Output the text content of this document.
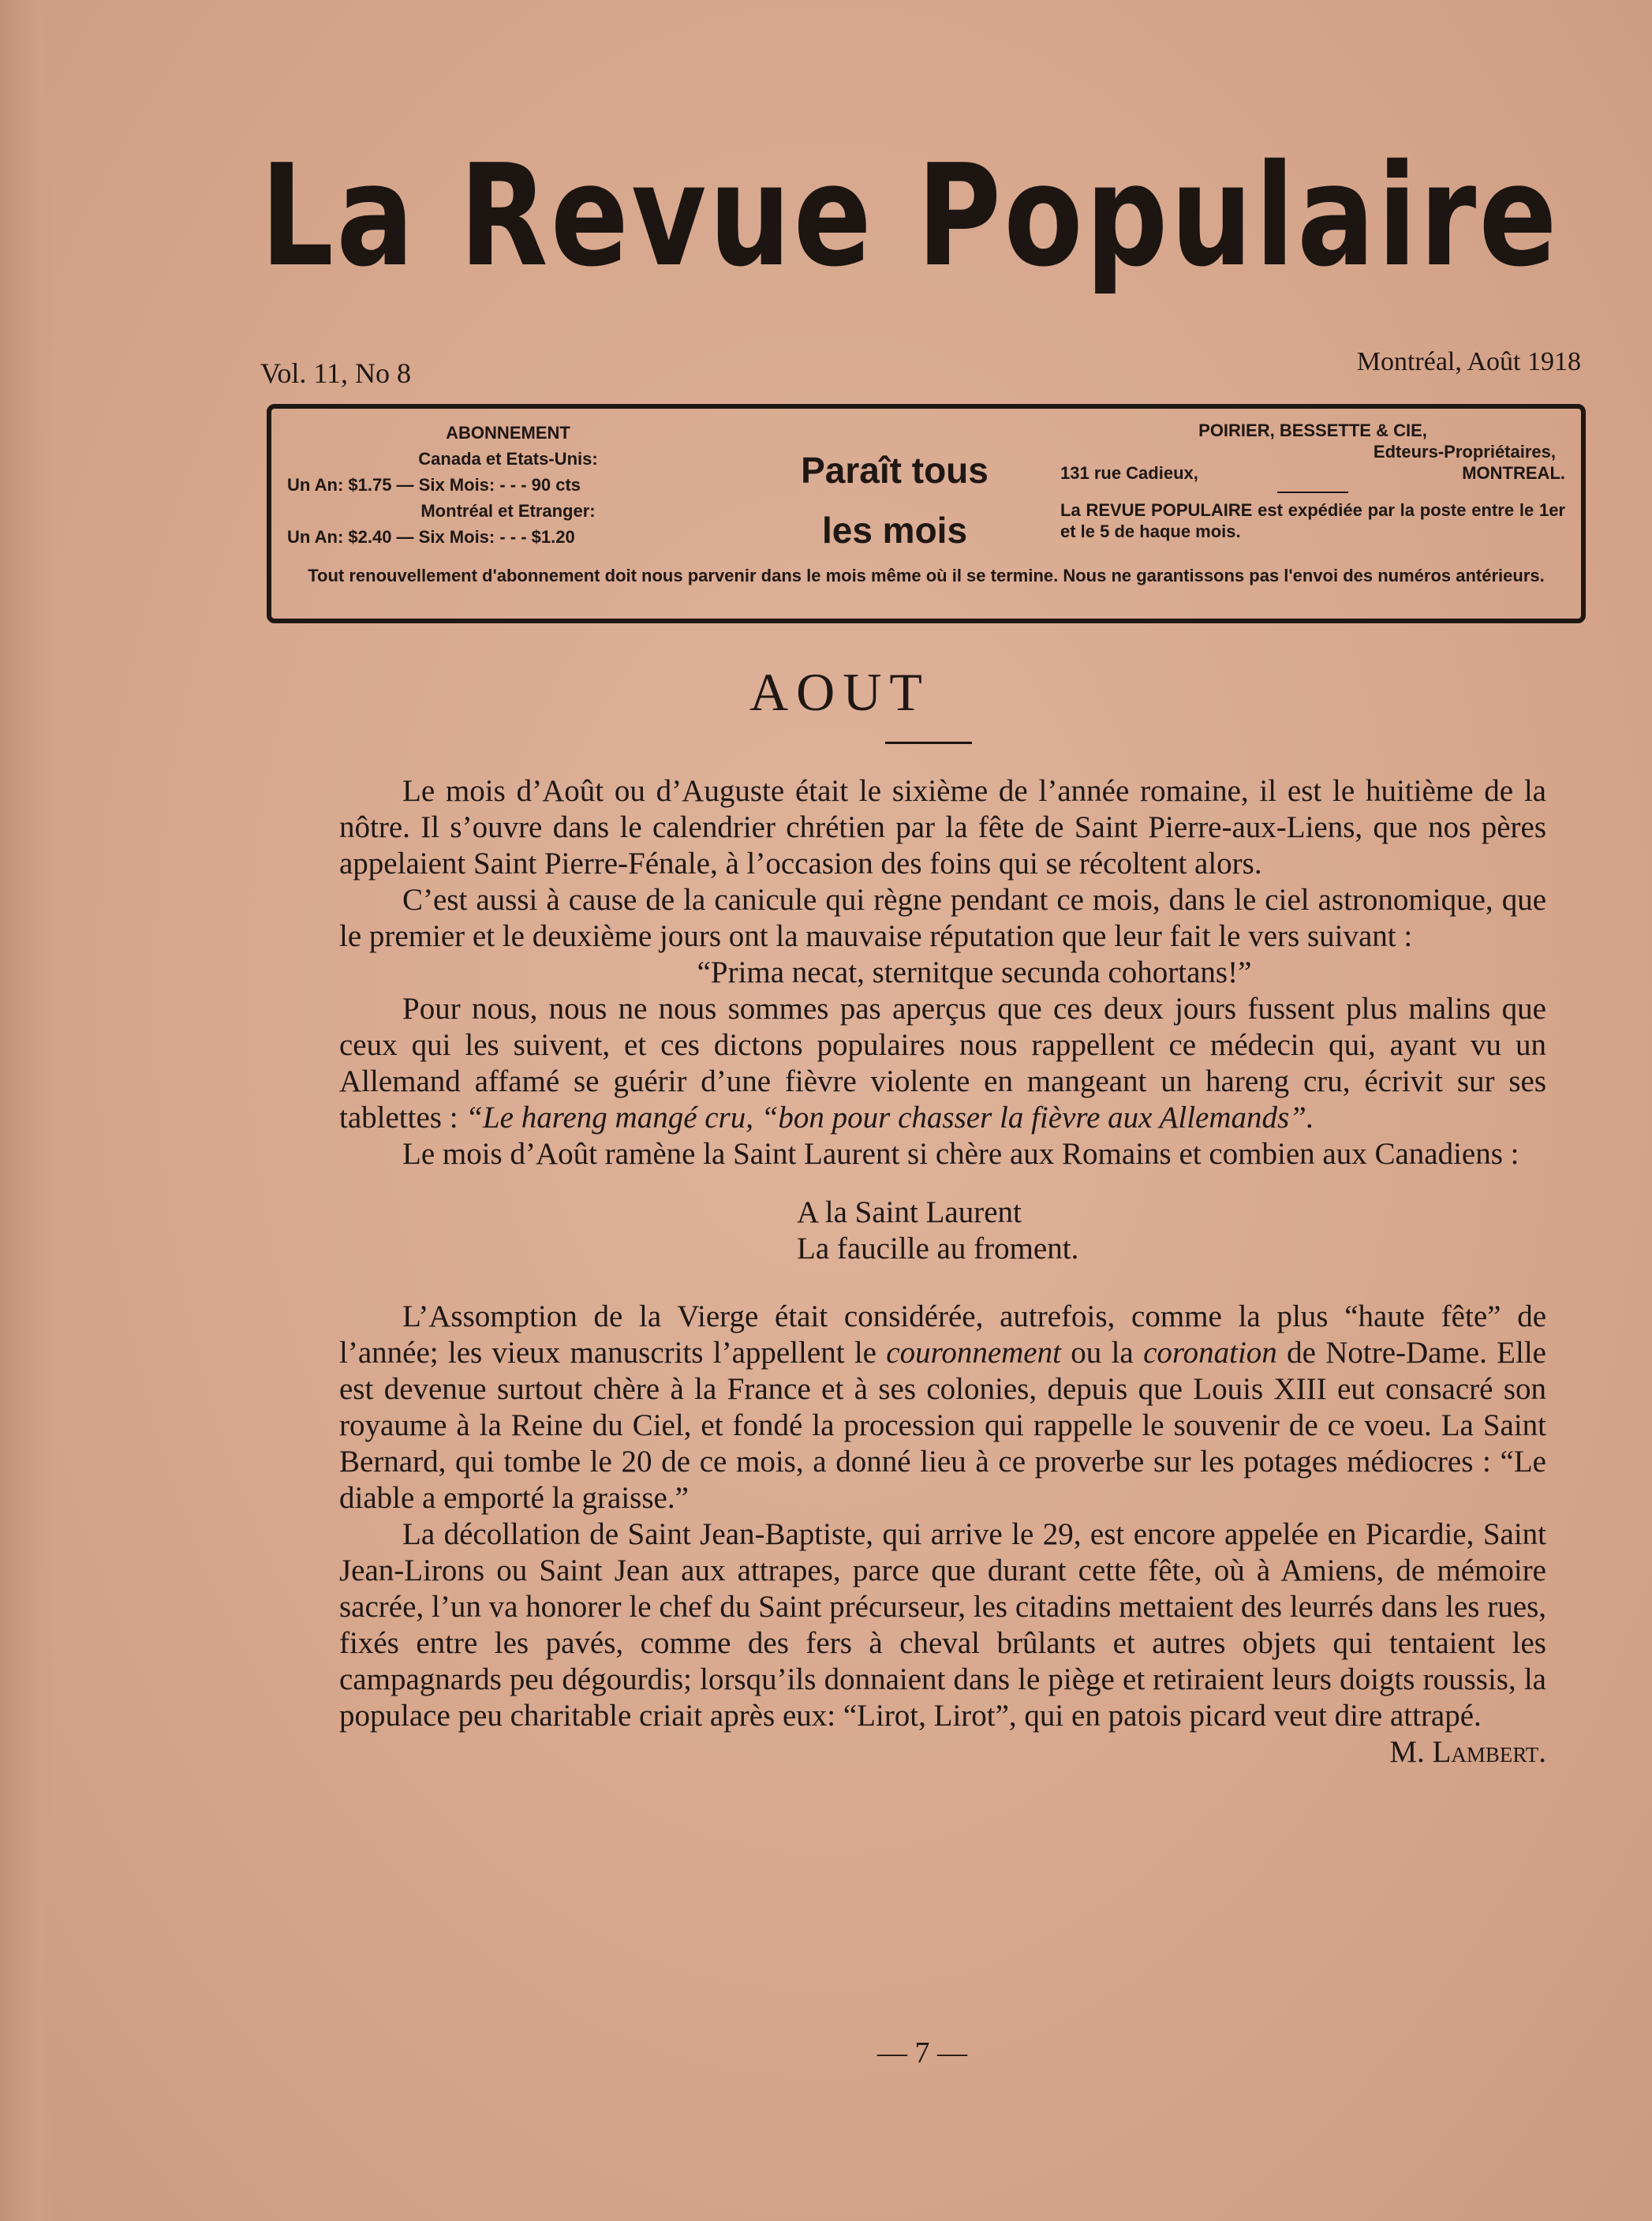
La Revue Populaire
Vol. 11, No 8	Montréal, Août 1918
ABONNEMENT
Canada et Etats-Unis:
Un An: $1.75 — Six Mois: - - - 90 cts
Montréal et Etranger:
Un An: $2.40 — Six Mois: - - - $1.20
Paraît tous
les mois
POIRIER, BESSETTE & CIE,
Edteurs-Propriétaires,
131 rue Cadieux,	MONTREAL.
La REVUE POPULAIRE est expédiée par la poste entre le 1er et le 5 de haque mois.
Tout renouvellement d'abonnement doit nous parvenir dans le mois même où il se termine. Nous ne garantissons pas l'envoi des numéros antérieurs.
AOUT

Le mois d’Août ou d’Auguste était le sixième de l’année romaine, il est le huitième de la nôtre. Il s’ouvre dans le calendrier chrétien par la fête de Saint Pierre-aux-Liens, que nos pères appelaient Saint Pierre-Fénale, à l’occasion des foins qui se récoltent alors.

C’est aussi à cause de la canicule qui règne pendant ce mois, dans le ciel astronomique, que le premier et le deuxième jours ont la mauvaise réputation que leur fait le vers suivant :

“Prima necat, sternitque secunda cohortans!”

Pour nous, nous ne nous sommes pas aperçus que ces deux jours fussent plus malins que ceux qui les suivent, et ces dictons populaires nous rappellent ce médecin qui, ayant vu un Allemand affamé se guérir d’une fièvre violente en mangeant un hareng cru, écrivit sur ses tablettes : “Le hareng mangé cru, “bon pour chasser la fièvre aux Allemands”.

Le mois d’Août ramène la Saint Laurent si chère aux Romains et combien aux Canadiens :

A la Saint Laurent
La faucille au froment.

L’Assomption de la Vierge était considérée, autrefois, comme la plus “haute fête” de l’année; les vieux manuscrits l’appellent le couronnement ou la coronation de Notre-Dame. Elle est devenue surtout chère à la France et à ses colonies, depuis que Louis XIII eut consacré son royaume à la Reine du Ciel, et fondé la procession qui rappelle le souvenir de ce voeu. La Saint Bernard, qui tombe le 20 de ce mois, a donné lieu à ce proverbe sur les potages médiocres : “Le diable a emporté la graisse.”

La décollation de Saint Jean-Baptiste, qui arrive le 29, est encore appelée en Picardie, Saint Jean-Lirons ou Saint Jean aux attrapes, parce que durant cette fête, où à Amiens, de mémoire sacrée, l’un va honorer le chef du Saint précurseur, les citadins mettaient des leurrés dans les rues, fixés entre les pavés, comme des fers à cheval brûlants et autres objets qui tentaient les campagnards peu dégourdis; lorsqu’ils donnaient dans le piège et retiraient leurs doigts roussis, la populace peu charitable criait après eux: “Lirot, Lirot”, qui en patois picard veut dire attrapé.

M. Lambert.

— 7 —
